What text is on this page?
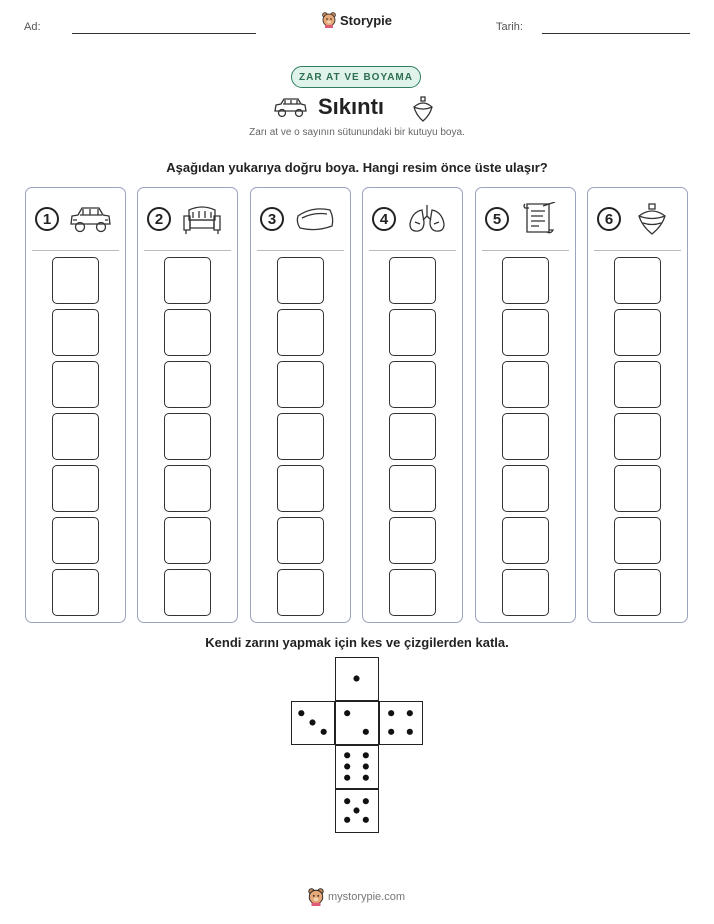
Ad:	Storypie	Tarih:
ZAR AT VE BOYAMA
Sıkıntı
Zarı at ve o sayının sütunundaki bir kutuyu boya.
Aşağıdan yukarıya doğru boya. Hangi resim önce üste ulaşır?
1	2	3	4	5	6
Kendi zarını yapmak için kes ve çizgilerden katla.
mystorypie.com
